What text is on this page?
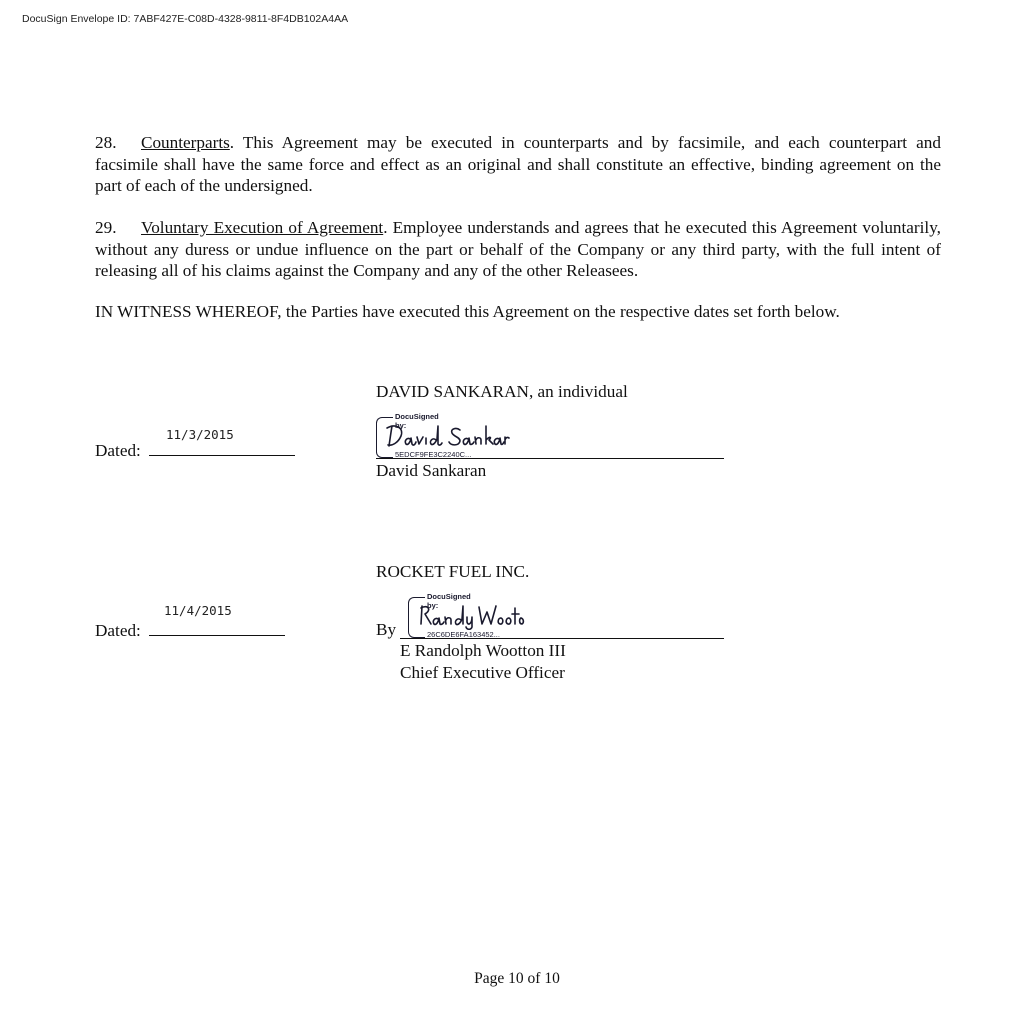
DocuSign Envelope ID: 7ABF427E-C08D-4328-9811-8F4DB102A4AA

28. Counterparts. This Agreement may be executed in counterparts and by facsimile, and each counterpart and facsimile shall have the same force and effect as an original and shall constitute an effective, binding agreement on the part of each of the undersigned.

29. Voluntary Execution of Agreement. Employee understands and agrees that he executed this Agreement voluntarily, without any duress or undue influence on the part or behalf of the Company or any third party, with the full intent of releasing all of his claims against the Company and any of the other Releasees.

IN WITNESS WHEREOF, the Parties have executed this Agreement on the respective dates set forth below.
DAVID SANKARAN, an individual
11/3/2015
Dated:
DocuSigned by:
5EDCF9FE3C2240C...
David Sankaran
ROCKET FUEL INC.
11/4/2015
Dated:	By
DocuSigned by:
26C6DE6FA163452...
E Randolph Wootton III
Chief Executive Officer
Page 10 of 10
